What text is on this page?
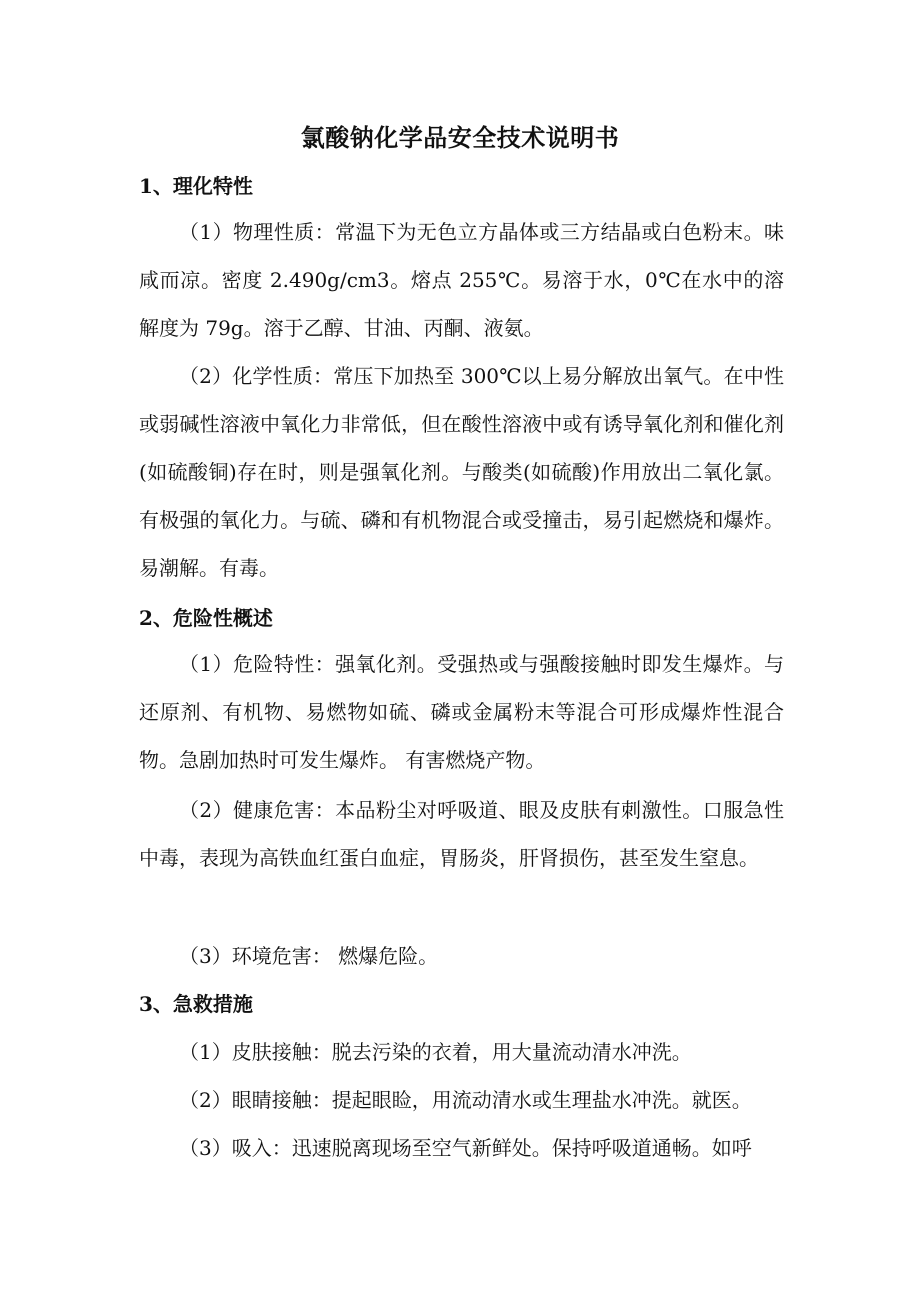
氯酸钠化学品安全技术说明书
1、理化特性
（1）物理性质：常温下为无色立方晶体或三方结晶或白色粉末。味咸而凉。密度 2.490g/cm3。熔点 255℃。易溶于水，0℃在水中的溶解度为 79g。溶于乙醇、甘油、丙酮、液氨。
（2）化学性质：常压下加热至 300℃以上易分解放出氧气。在中性或弱碱性溶液中氧化力非常低，但在酸性溶液中或有诱导氧化剂和催化剂(如硫酸铜)存在时，则是强氧化剂。与酸类(如硫酸)作用放出二氧化氯。有极强的氧化力。与硫、磷和有机物混合或受撞击，易引起燃烧和爆炸。易潮解。有毒。
2、危险性概述
（1）危险特性：强氧化剂。受强热或与强酸接触时即发生爆炸。与还原剂、有机物、易燃物如硫、磷或金属粉末等混合可形成爆炸性混合物。急剧加热时可发生爆炸。 有害燃烧产物。
（2）健康危害：本品粉尘对呼吸道、眼及皮肤有刺激性。口服急性中毒，表现为高铁血红蛋白血症，胃肠炎，肝肾损伤，甚至发生窒息。
（3）环境危害： 燃爆危险。
3、急救措施
（1）皮肤接触：脱去污染的衣着，用大量流动清水冲洗。
（2）眼睛接触：提起眼睑，用流动清水或生理盐水冲洗。就医。
（3）吸入：迅速脱离现场至空气新鲜处。保持呼吸道通畅。如呼
